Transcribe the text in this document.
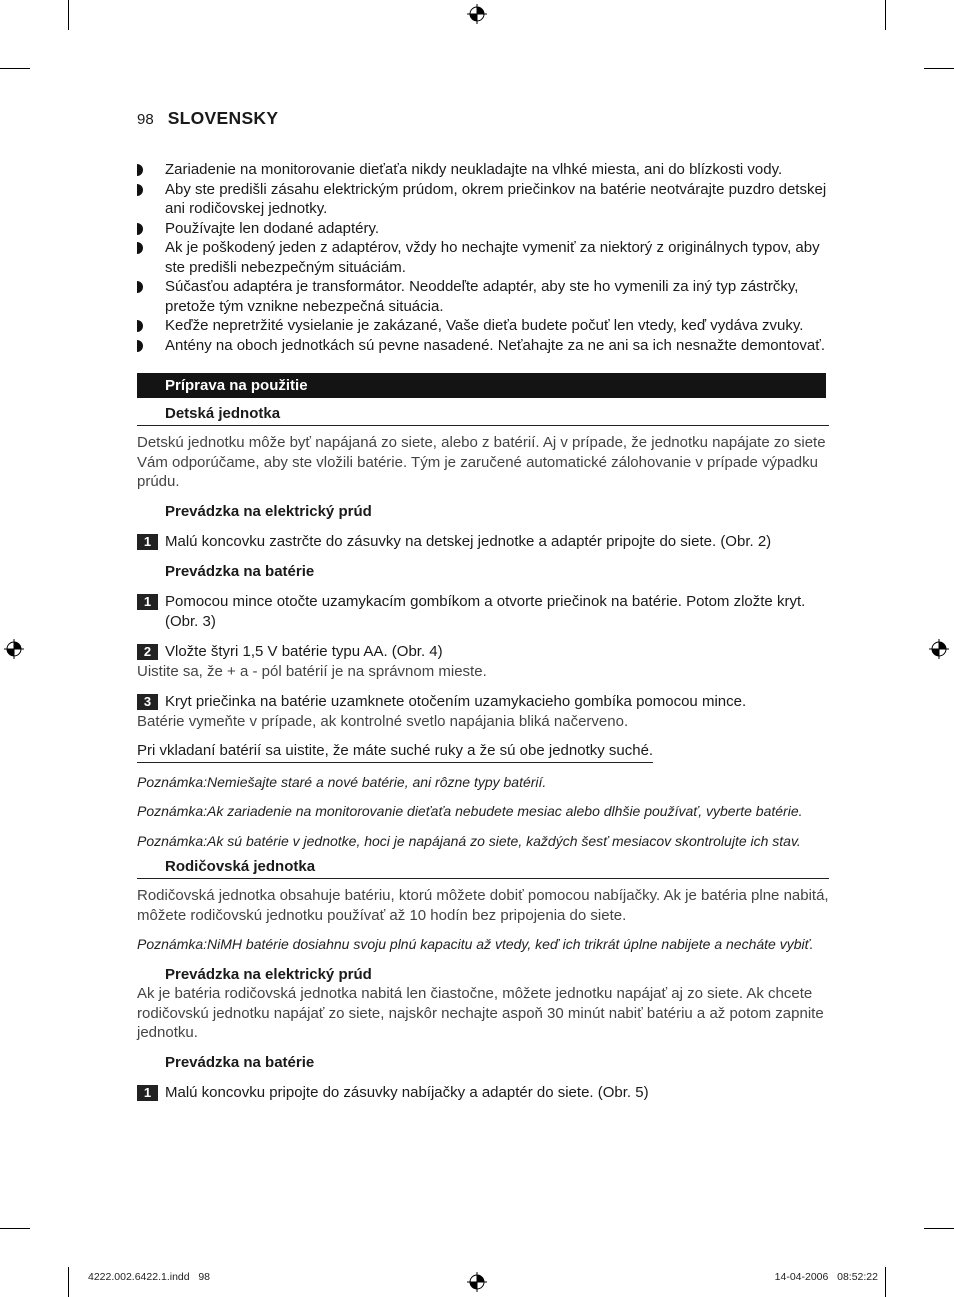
98 SLOVENSKY
Zariadenie na monitorovanie dieťaťa nikdy neukladajte na vlhké miesta, ani do blízkosti vody.
Aby ste predišli zásahu elektrickým prúdom, okrem priečinkov na batérie neotvárajte puzdro detskej ani rodičovskej jednotky.
Používajte len dodané adaptéry.
Ak je poškodený jeden z adaptérov, vždy ho nechajte vymeniť za niektorý z originálnych typov, aby ste predišli nebezpečným situáciám.
Súčasťou adaptéra je transformátor. Neoddeľte adaptér, aby ste ho vymenili za iný typ zástrčky, pretože tým vznikne nebezpečná situácia.
Keďže nepretržité vysielanie je zakázané, Vaše dieťa budete počuť len vtedy, keď vydáva zvuky.
Antény na oboch jednotkách sú pevne nasadené. Neťahajte za ne ani sa ich nesnažte demontovať.
Príprava na použitie
Detská jednotka
Detskú jednotku môže byť napájaná zo siete, alebo z batérií. Aj v prípade, že jednotku napájate zo siete Vám odporúčame, aby ste vložili batérie. Tým je zaručené automatické zálohovanie v prípade výpadku prúdu.
Prevádzka na elektrický prúd
1 Malú koncovku zastrčte do zásuvky na detskej jednotke a adaptér pripojte do siete. (Obr. 2)
Prevádzka na batérie
1 Pomocou mince otočte uzamykacím gombíkom a otvorte priečinok na batérie. Potom zložte kryt. (Obr. 3)
2 Vložte štyri 1,5 V batérie typu AA. (Obr. 4)
Uistite sa, že + a - pól batérií je na správnom mieste.
3 Kryt priečinka na batérie uzamknete otočením uzamykacieho gombíka pomocou mince.
Batérie vymeňte v prípade, ak kontrolné svetlo napájania bliká načerveno.
Pri vkladaní batérií sa uistite, že máte suché ruky a že sú obe jednotky suché.
Poznámka:Nemiešajte staré a nové batérie, ani rôzne typy batérií.
Poznámka:Ak zariadenie na monitorovanie dieťaťa nebudete mesiac alebo dlhšie používať, vyberte batérie.
Poznámka:Ak sú batérie v jednotke, hoci je napájaná zo siete, každých šesť mesiacov skontrolujte ich stav.
Rodičovská jednotka
Rodičovská jednotka obsahuje batériu, ktorú môžete dobiť pomocou nabíjačky. Ak je batéria plne nabitá, môžete rodičovskú jednotku používať až 10 hodín bez pripojenia do siete.
Poznámka:NiMH batérie dosiahnu svoju plnú kapacitu až vtedy, keď ich trikrát úplne nabijete a necháte vybiť.
Prevádzka na elektrický prúd
Ak je batéria rodičovská jednotka nabitá len čiastočne, môžete jednotku napájať aj zo siete. Ak chcete rodičovskú jednotku napájať zo siete, najskôr nechajte aspoň 30 minút nabiť batériu a až potom zapnite jednotku.
Prevádzka na batérie
1 Malú koncovku pripojte do zásuvky nabíjačky a adaptér do siete. (Obr. 5)
4222.002.6422.1.indd   98	14-04-2006   08:52:22
